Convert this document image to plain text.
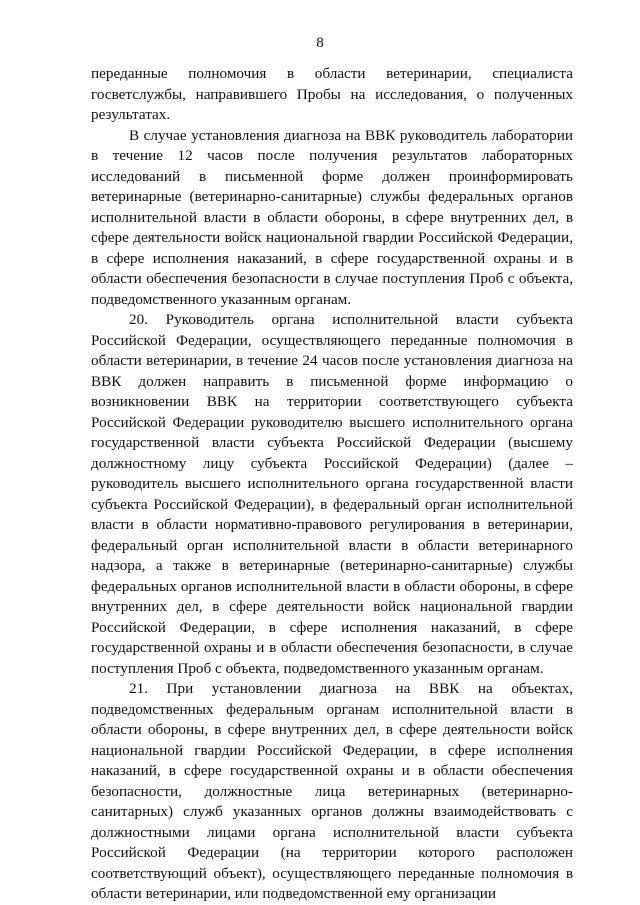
8

переданные полномочия в области ветеринарии, специалиста госветслужбы, направившего Пробы на исследования, о полученных результатах.

В случае установления диагноза на ВВК руководитель лаборатории в течение 12 часов после получения результатов лабораторных исследований в письменной форме должен проинформировать ветеринарные (ветеринарно-санитарные) службы федеральных органов исполнительной власти в области обороны, в сфере внутренних дел, в сфере деятельности войск национальной гвардии Российской Федерации, в сфере исполнения наказаний, в сфере государственной охраны и в области обеспечения безопасности в случае поступления Проб с объекта, подведомственного указанным органам.

20. Руководитель органа исполнительной власти субъекта Российской Федерации, осуществляющего переданные полномочия в области ветеринарии, в течение 24 часов после установления диагноза на ВВК должен направить в письменной форме информацию о возникновении ВВК на территории соответствующего субъекта Российской Федерации руководителю высшего исполнительного органа государственной власти субъекта Российской Федерации (высшему должностному лицу субъекта Российской Федерации) (далее – руководитель высшего исполнительного органа государственной власти субъекта Российской Федерации), в федеральный орган исполнительной власти в области нормативно-правового регулирования в ветеринарии, федеральный орган исполнительной власти в области ветеринарного надзора, а также в ветеринарные (ветеринарно-санитарные) службы федеральных органов исполнительной власти в области обороны, в сфере внутренних дел, в сфере деятельности войск национальной гвардии Российской Федерации, в сфере исполнения наказаний, в сфере государственной охраны и в области обеспечения безопасности, в случае поступления Проб с объекта, подведомственного указанным органам.

21. При установлении диагноза на ВВК на объектах, подведомственных федеральным органам исполнительной власти в области обороны, в сфере внутренних дел, в сфере деятельности войск национальной гвардии Российской Федерации, в сфере исполнения наказаний, в сфере государственной охраны и в области обеспечения безопасности, должностные лица ветеринарных (ветеринарно-санитарных) служб указанных органов должны взаимодействовать с должностными лицами органа исполнительной власти субъекта Российской Федерации (на территории которого расположен соответствующий объект), осуществляющего переданные полномочия в области ветеринарии, или подведомственной ему организации
